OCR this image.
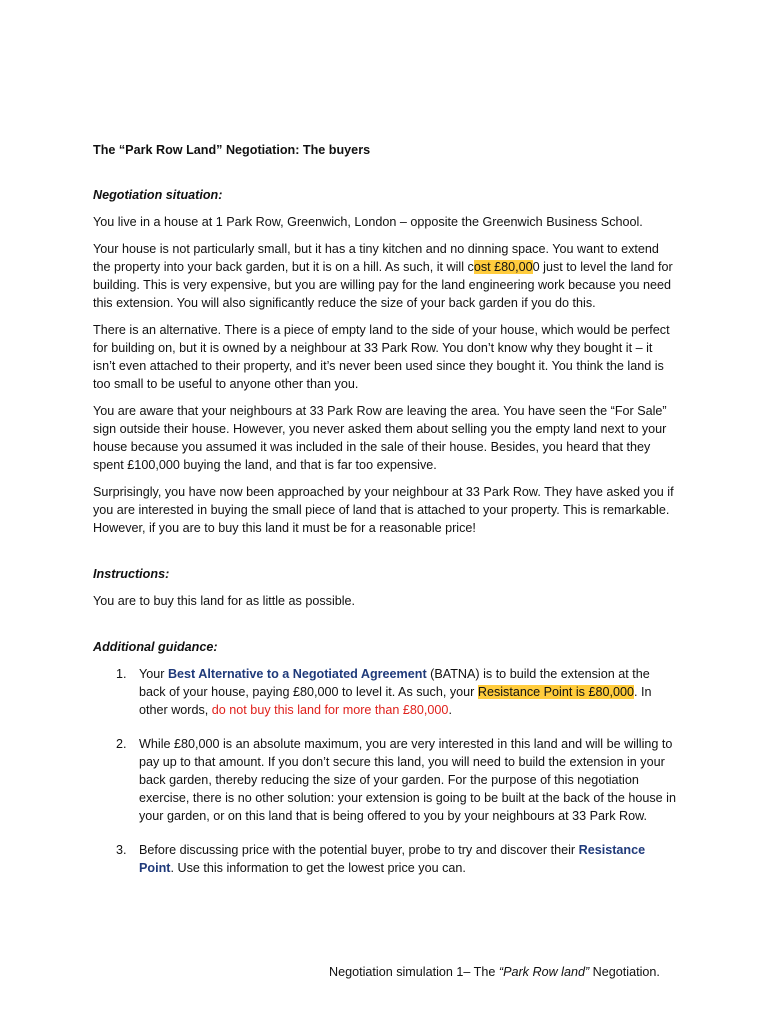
The “Park Row Land” Negotiation: The buyers

Negotiation situation:

You live in a house at 1 Park Row, Greenwich, London – opposite the Greenwich Business School.

Your house is not particularly small, but it has a tiny kitchen and no dinning space. You want to extend the property into your back garden, but it is on a hill. As such, it will cost £80,000 just to level the land for building. This is very expensive, but you are willing pay for the land engineering work because you need this extension. You will also significantly reduce the size of your back garden if you do this.

There is an alternative. There is a piece of empty land to the side of your house, which would be perfect for building on, but it is owned by a neighbour at 33 Park Row. You don’t know why they bought it – it isn’t even attached to their property, and it’s never been used since they bought it. You think the land is too small to be useful to anyone other than you.

You are aware that your neighbours at 33 Park Row are leaving the area. You have seen the “For Sale” sign outside their house. However, you never asked them about selling you the empty land next to your house because you assumed it was included in the sale of their house. Besides, you heard that they spent £100,000 buying the land, and that is far too expensive.

Surprisingly, you have now been approached by your neighbour at 33 Park Row. They have asked you if you are interested in buying the small piece of land that is attached to your property. This is remarkable. However, if you are to buy this land it must be for a reasonable price!

Instructions:

You are to buy this land for as little as possible.

Additional guidance:

1. Your Best Alternative to a Negotiated Agreement (BATNA) is to build the extension at the back of your house, paying £80,000 to level it. As such, your Resistance Point is £80,000. In other words, do not buy this land for more than £80,000.
2. While £80,000 is an absolute maximum, you are very interested in this land and will be willing to pay up to that amount. If you don’t secure this land, you will need to build the extension in your back garden, thereby reducing the size of your garden. For the purpose of this negotiation exercise, there is no other solution: your extension is going to be built at the back of the house in your garden, or on this land that is being offered to you by your neighbours at 33 Park Row.
3. Before discussing price with the potential buyer, probe to try and discover their Resistance Point. Use this information to get the lowest price you can.
Negotiation simulation 1– The “Park Row land” Negotiation.
